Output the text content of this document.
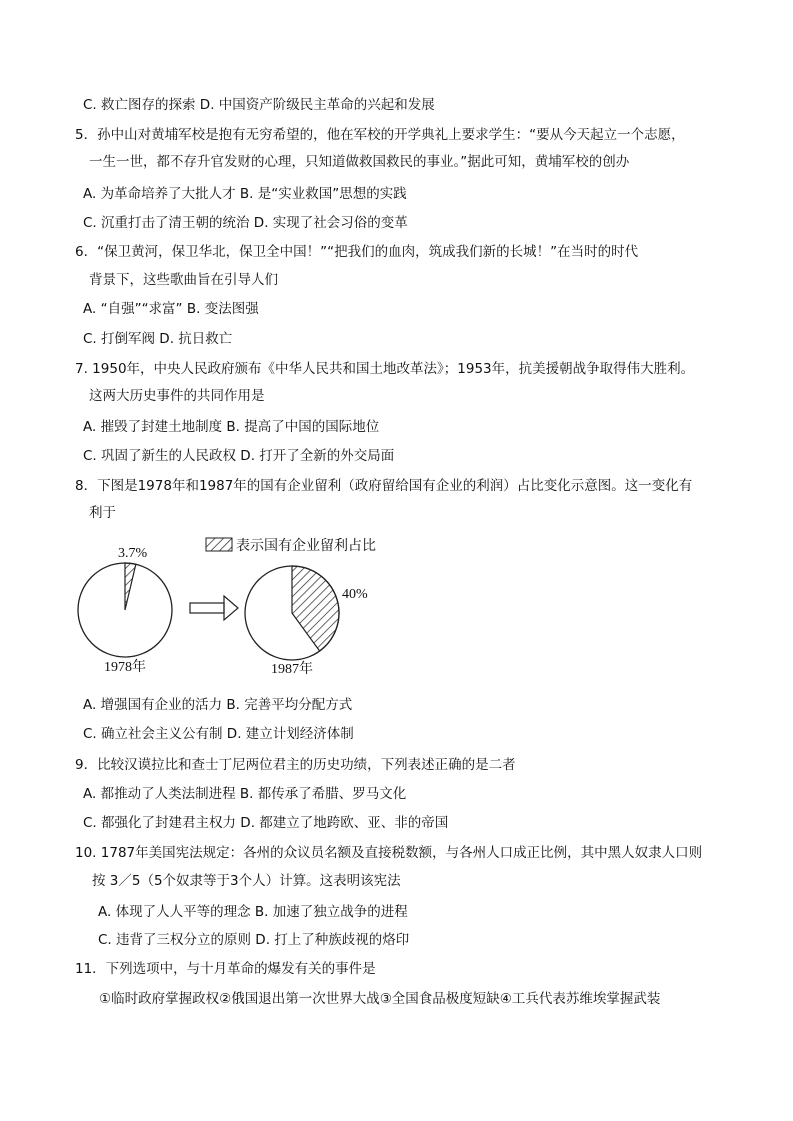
C. 救亡图存的探索 D. 中国资产阶级民主革命的兴起和发展
5．孙中山对黄埔军校是抱有无穷希望的，他在军校的开学典礼上要求学生：“要从今天起立一个志愿，
一生一世，都不存升官发财的心理，只知道做救国救民的事业。”据此可知，黄埔军校的创办
A. 为革命培养了大批人才 B. 是“实业救国”思想的实践
C. 沉重打击了清王朝的统治 D. 实现了社会习俗的变革
6．“保卫黄河，保卫华北，保卫全中国！”“把我们的血肉，筑成我们新的长城！”在当时的时代
背景下，这些歌曲旨在引导人们
A. “自强”“求富” B. 变法图强
C. 打倒军阀 D. 抗日救亡
7. 1950年，中央人民政府颁布《中华人民共和国土地改革法》；1953年，抗美援朝战争取得伟大胜利。
这两大历史事件的共同作用是
A. 摧毁了封建土地制度 B. 提高了中国的国际地位
C. 巩固了新生的人民政权 D. 打开了全新的外交局面
8．下图是1978年和1987年的国有企业留利（政府留给国有企业的利润）占比变化示意图。这一变化有
利于
表示国有企业留利占比
3.7%
1978年
40%
1987年
A. 增强国有企业的活力 B. 完善平均分配方式
C. 确立社会主义公有制 D. 建立计划经济体制
9．比较汉谟拉比和查士丁尼两位君主的历史功绩，下列表述正确的是二者
A. 都推动了人类法制进程 B. 都传承了希腊、罗马文化
C. 都强化了封建君主权力 D. 都建立了地跨欧、亚、非的帝国
10. 1787年美国宪法规定：各州的众议员名额及直接税数额，与各州人口成正比例，其中黑人奴隶人口则
按 3／5（5个奴隶等于3个人）计算。这表明该宪法
A. 体现了人人平等的理念 B. 加速了独立战争的进程
C. 违背了三权分立的原则 D. 打上了种族歧视的烙印
11．下列选项中，与十月革命的爆发有关的事件是
①临时政府掌握政权②俄国退出第一次世界大战③全国食品极度短缺④工兵代表苏维埃掌握武装
